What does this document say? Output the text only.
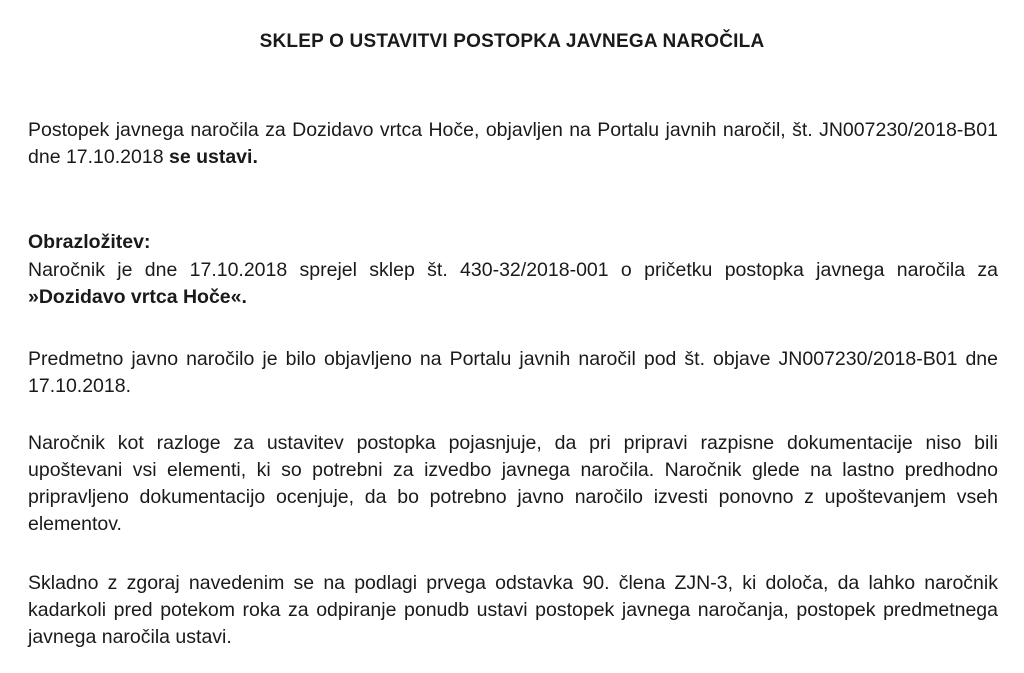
SKLEP O USTAVITVI POSTOPKA JAVNEGA NAROČILA

Postopek javnega naročila za Dozidavo vrtca Hoče, objavljen na Portalu javnih naročil, št. JN007230/2018-B01 dne 17.10.2018 se ustavi.

Obrazložitev:

Naročnik je dne 17.10.2018 sprejel sklep št. 430-32/2018-001 o pričetku postopka javnega naročila za »Dozidavo vrtca Hoče«.

Predmetno javno naročilo je bilo objavljeno na Portalu javnih naročil pod št. objave JN007230/2018-B01 dne 17.10.2018.

Naročnik kot razloge za ustavitev postopka pojasnjuje, da pri pripravi razpisne dokumentacije niso bili upoštevani vsi elementi, ki so potrebni za izvedbo javnega naročila. Naročnik glede na lastno predhodno pripravljeno dokumentacijo ocenjuje, da bo potrebno javno naročilo izvesti ponovno z upoštevanjem vseh elementov.

Skladno z zgoraj navedenim se na podlagi prvega odstavka 90. člena ZJN-3, ki določa, da lahko naročnik kadarkoli pred potekom roka za odpiranje ponudb ustavi postopek javnega naročanja, postopek predmetnega javnega naročila ustavi.
